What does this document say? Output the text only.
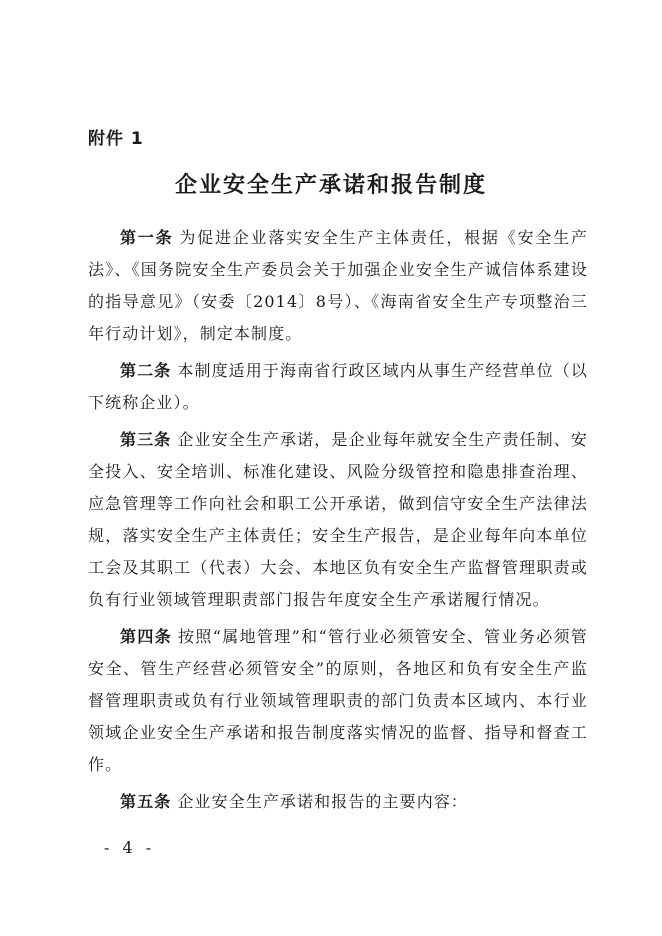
附件 1
企业安全生产承诺和报告制度

第一条 为促进企业落实安全生产主体责任，根据《安全生产法》、《国务院安全生产委员会关于加强企业安全生产诚信体系建设的指导意见》（安委〔2014〕8号）、《海南省安全生产专项整治三年行动计划》，制定本制度。

第二条 本制度适用于海南省行政区域内从事生产经营单位（以下统称企业）。

第三条 企业安全生产承诺，是企业每年就安全生产责任制、安全投入、安全培训、标准化建设、风险分级管控和隐患排查治理、应急管理等工作向社会和职工公开承诺，做到信守安全生产法律法规，落实安全生产主体责任；安全生产报告，是企业每年向本单位工会及其职工（代表）大会、本地区负有安全生产监督管理职责或负有行业领域管理职责部门报告年度安全生产承诺履行情况。

第四条 按照“属地管理”和“管行业必须管安全、管业务必须管安全、管生产经营必须管安全”的原则，各地区和负有安全生产监督管理职责或负有行业领域管理职责的部门负责本区域内、本行业领域企业安全生产承诺和报告制度落实情况的监督、指导和督查工作。

第五条 企业安全生产承诺和报告的主要内容：

- 4 -
